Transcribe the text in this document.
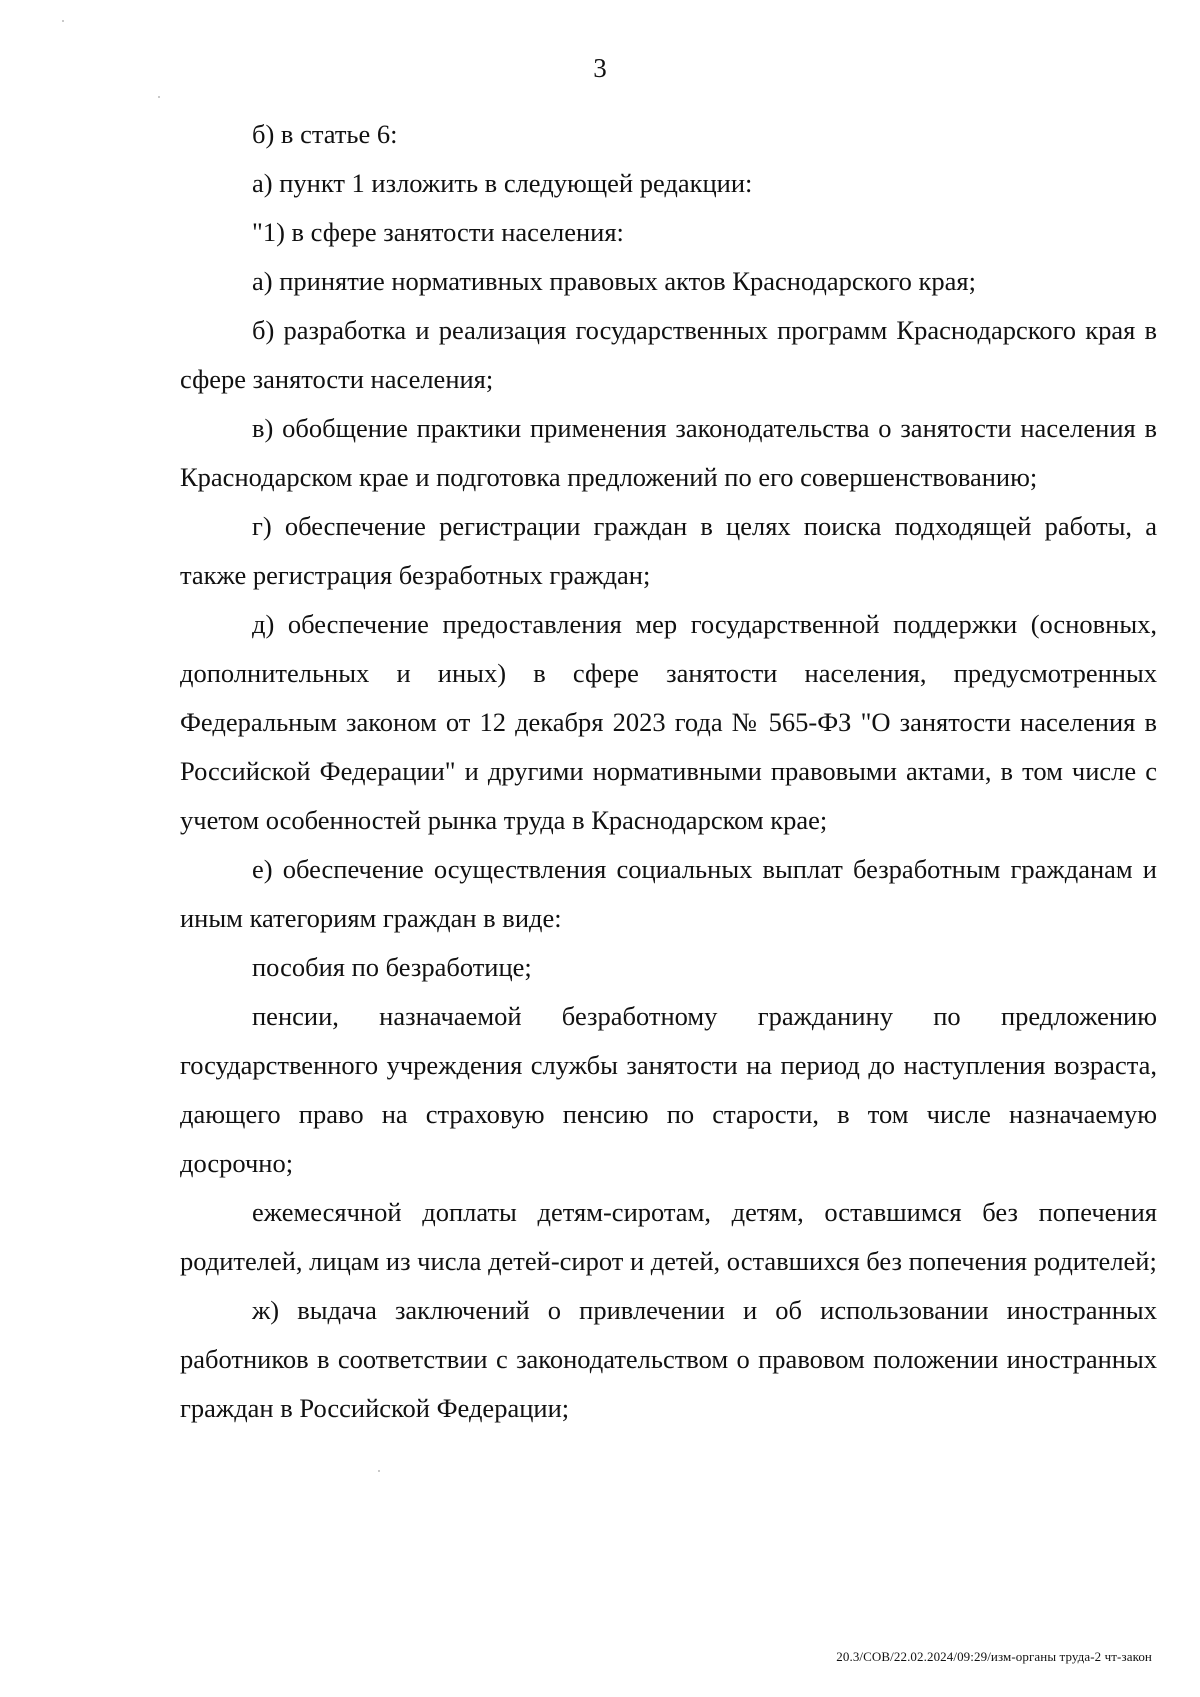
3

б) в статье 6:

а) пункт 1 изложить в следующей редакции:

"1) в сфере занятости населения:

а) принятие нормативных правовых актов Краснодарского края;

б) разработка и реализация государственных программ Краснодарского края в сфере занятости населения;

в) обобщение практики применения законодательства о занятости населения в Краснодарском крае и подготовка предложений по его совершенствованию;

г) обеспечение регистрации граждан в целях поиска подходящей работы, а также регистрация безработных граждан;

д) обеспечение предоставления мер государственной поддержки (основных, дополнительных и иных) в сфере занятости населения, предусмотренных Федеральным законом от 12 декабря 2023 года № 565-ФЗ "О занятости населения в Российской Федерации" и другими нормативными правовыми актами, в том числе с учетом особенностей рынка труда в Краснодарском крае;

е) обеспечение осуществления социальных выплат безработным гражданам и иным категориям граждан в виде:

пособия по безработице;

пенсии, назначаемой безработному гражданину по предложению государственного учреждения службы занятости на период до наступления возраста, дающего право на страховую пенсию по старости, в том числе назначаемую досрочно;

ежемесячной доплаты детям-сиротам, детям, оставшимся без попечения родителей, лицам из числа детей-сирот и детей, оставшихся без попечения родителей;

ж) выдача заключений о привлечении и об использовании иностранных работников в соответствии с законодательством о правовом положении иностранных граждан в Российской Федерации;

20.3/СОВ/22.02.2024/09:29/изм-органы труда-2 чт-закон
